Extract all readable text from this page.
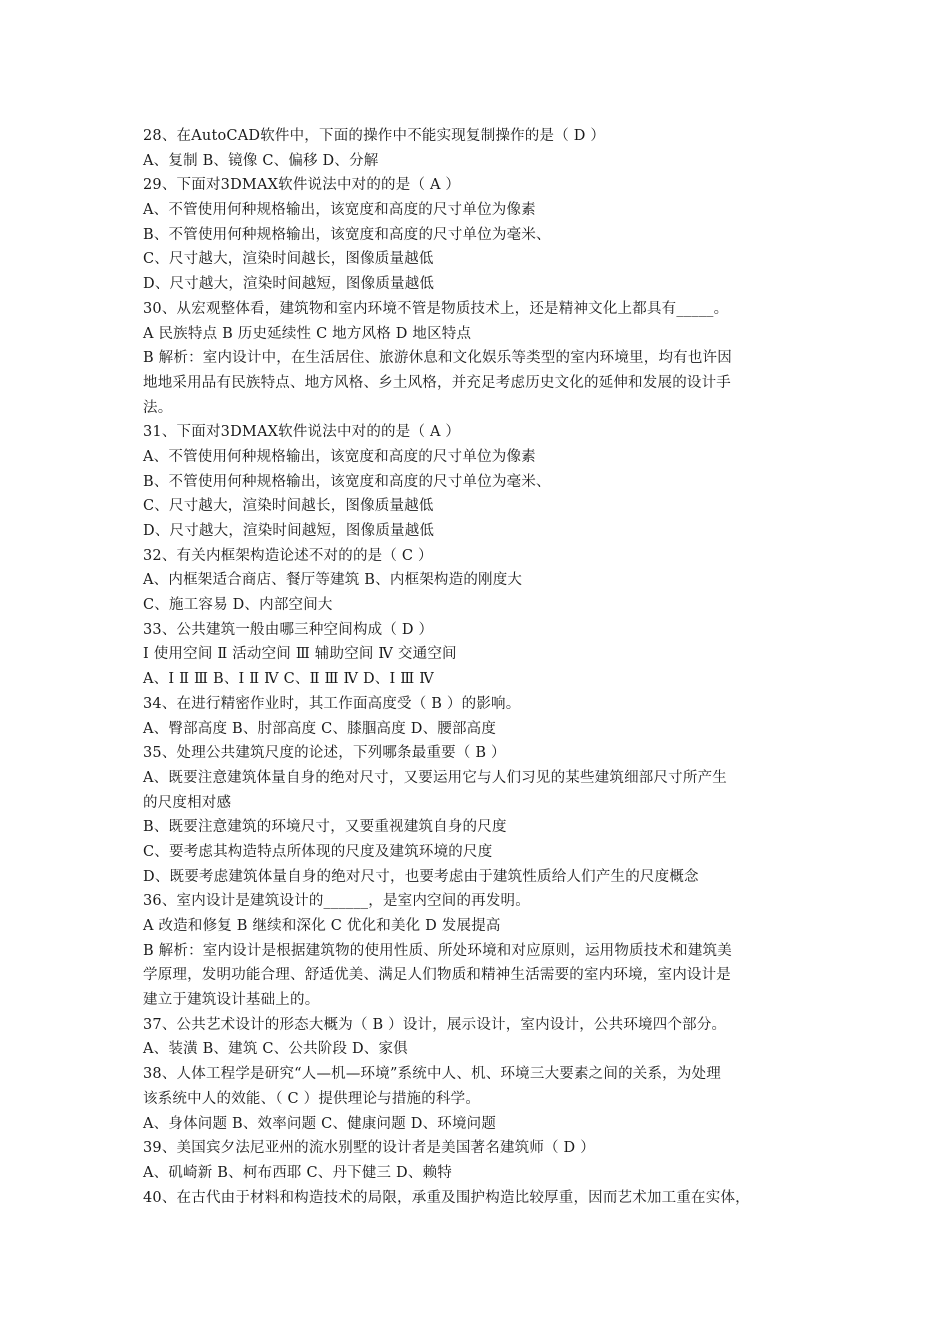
28、在AutoCAD软件中，下面的操作中不能实现复制操作的是（ D ）
A、复制 B、镜像 C、偏移 D、分解
29、下面对3DMAX软件说法中对的的是（ A ）
A、不管使用何种规格输出，该宽度和高度的尺寸单位为像素
B、不管使用何种规格输出，该宽度和高度的尺寸单位为毫米、
C、尺寸越大，渲染时间越长，图像质量越低
D、尺寸越大，渲染时间越短，图像质量越低
30、从宏观整体看，建筑物和室内环境不管是物质技术上，还是精神文化上都具有_____。
A 民族特点 B 历史延续性 C 地方风格 D 地区特点
B 解析：室内设计中，在生活居住、旅游休息和文化娱乐等类型的室内环境里，均有也许因
地地采用品有民族特点、地方风格、乡土风格，并充足考虑历史文化的延伸和发展的设计手
法。
31、下面对3DMAX软件说法中对的的是（ A ）
A、不管使用何种规格输出，该宽度和高度的尺寸单位为像素
B、不管使用何种规格输出，该宽度和高度的尺寸单位为毫米、
C、尺寸越大，渲染时间越长，图像质量越低
D、尺寸越大，渲染时间越短，图像质量越低
32、有关内框架构造论述不对的的是（ C ）
A、内框架适合商店、餐厅等建筑 B、内框架构造的刚度大
C、施工容易 D、内部空间大
33、公共建筑一般由哪三种空间构成（ D ）
Ⅰ 使用空间 Ⅱ 活动空间 Ⅲ 辅助空间 Ⅳ 交通空间
A、Ⅰ Ⅱ Ⅲ B、Ⅰ Ⅱ Ⅳ C、Ⅱ Ⅲ Ⅳ D、Ⅰ Ⅲ Ⅳ
34、在进行精密作业时，其工作面高度受（ B ）的影响。
A、臀部高度 B、肘部高度 C、膝腘高度 D、腰部高度
35、处理公共建筑尺度的论述，下列哪条最重要（ B ）
A、既要注意建筑体量自身的绝对尺寸，又要运用它与人们习见的某些建筑细部尺寸所产生
的尺度相对感
B、既要注意建筑的环境尺寸，又要重视建筑自身的尺度
C、要考虑其构造特点所体现的尺度及建筑环境的尺度
D、既要考虑建筑体量自身的绝对尺寸，也要考虑由于建筑性质给人们产生的尺度概念
36、室内设计是建筑设计的______，是室内空间的再发明。
A 改造和修复 B 继续和深化 C 优化和美化 D 发展提高
B 解析：室内设计是根据建筑物的使用性质、所处环境和对应原则，运用物质技术和建筑美
学原理，发明功能合理、舒适优美、满足人们物质和精神生活需要的室内环境，室内设计是
建立于建筑设计基础上的。
37、公共艺术设计的形态大概为（ B ）设计，展示设计，室内设计，公共环境四个部分。
A、装潢 B、建筑 C、公共阶段 D、家俱
38、人体工程学是研究“人—机—环境”系统中人、机、环境三大要素之间的关系，为处理
该系统中人的效能、（ C ）提供理论与措施的科学。
A、身体问题 B、效率问题 C、健康问题 D、环境问题
39、美国宾夕法尼亚州的流水别墅的设计者是美国著名建筑师（ D ）
A、矶崎新 B、柯布西耶 C、丹下健三 D、赖特
40、在古代由于材料和构造技术的局限，承重及围护构造比较厚重，因而艺术加工重在实体，
